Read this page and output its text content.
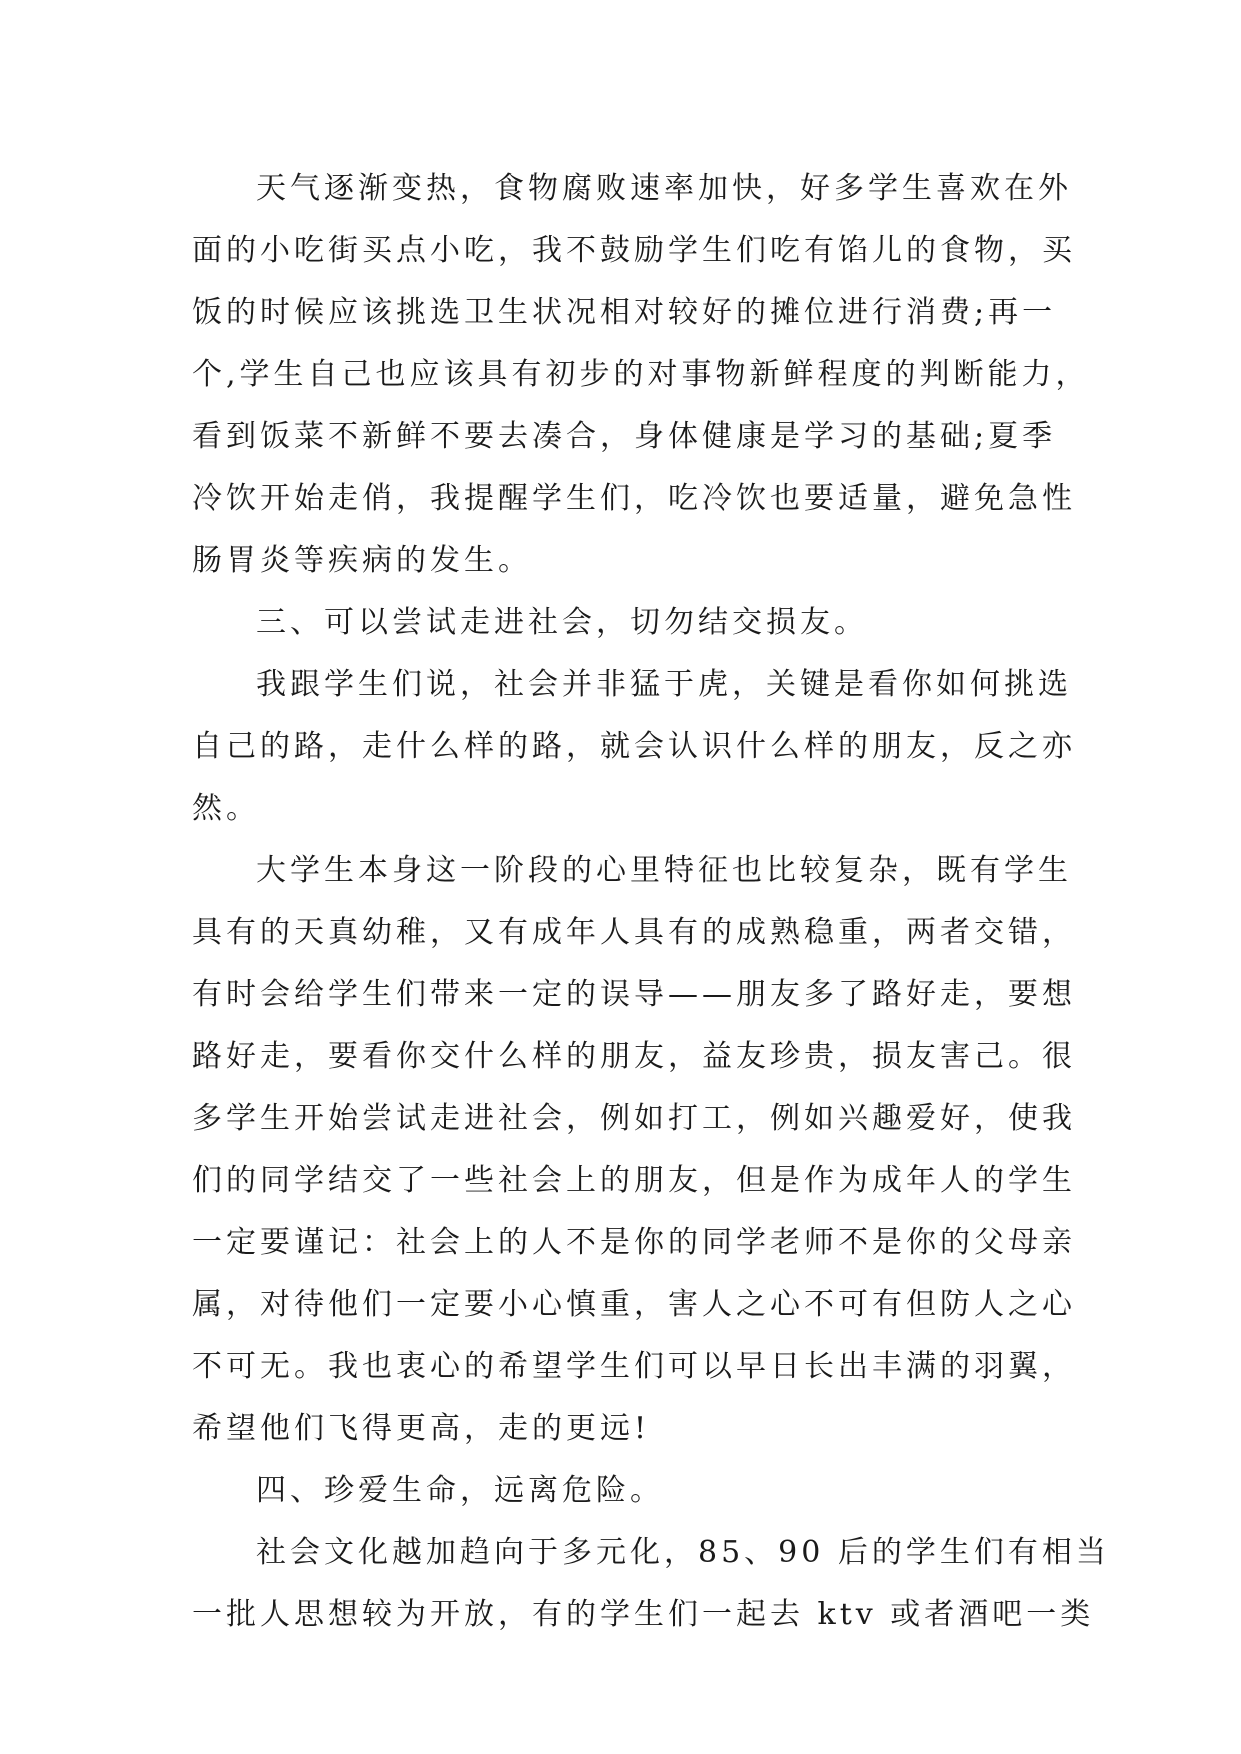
天气逐渐变热，食物腐败速率加快，好多学生喜欢在外
面的小吃街买点小吃，我不鼓励学生们吃有馅儿的食物，买
饭的时候应该挑选卫生状况相对较好的摊位进行消费;再一
个,学生自己也应该具有初步的对事物新鲜程度的判断能力，
看到饭菜不新鲜不要去凑合，身体健康是学习的基础;夏季
冷饮开始走俏，我提醒学生们，吃冷饮也要适量，避免急性
肠胃炎等疾病的发生。
三、可以尝试走进社会，切勿结交损友。
我跟学生们说，社会并非猛于虎，关键是看你如何挑选
自己的路，走什么样的路，就会认识什么样的朋友，反之亦
然。
大学生本身这一阶段的心里特征也比较复杂，既有学生
具有的天真幼稚，又有成年人具有的成熟稳重，两者交错，
有时会给学生们带来一定的误导——朋友多了路好走，要想
路好走，要看你交什么样的朋友，益友珍贵，损友害己。很
多学生开始尝试走进社会，例如打工，例如兴趣爱好，使我
们的同学结交了一些社会上的朋友，但是作为成年人的学生
一定要谨记：社会上的人不是你的同学老师不是你的父母亲
属，对待他们一定要小心慎重，害人之心不可有但防人之心
不可无。我也衷心的希望学生们可以早日长出丰满的羽翼，
希望他们飞得更高，走的更远!
四、珍爱生命，远离危险。
社会文化越加趋向于多元化，85、90 后的学生们有相当
一批人思想较为开放，有的学生们一起去 ktv 或者酒吧一类
